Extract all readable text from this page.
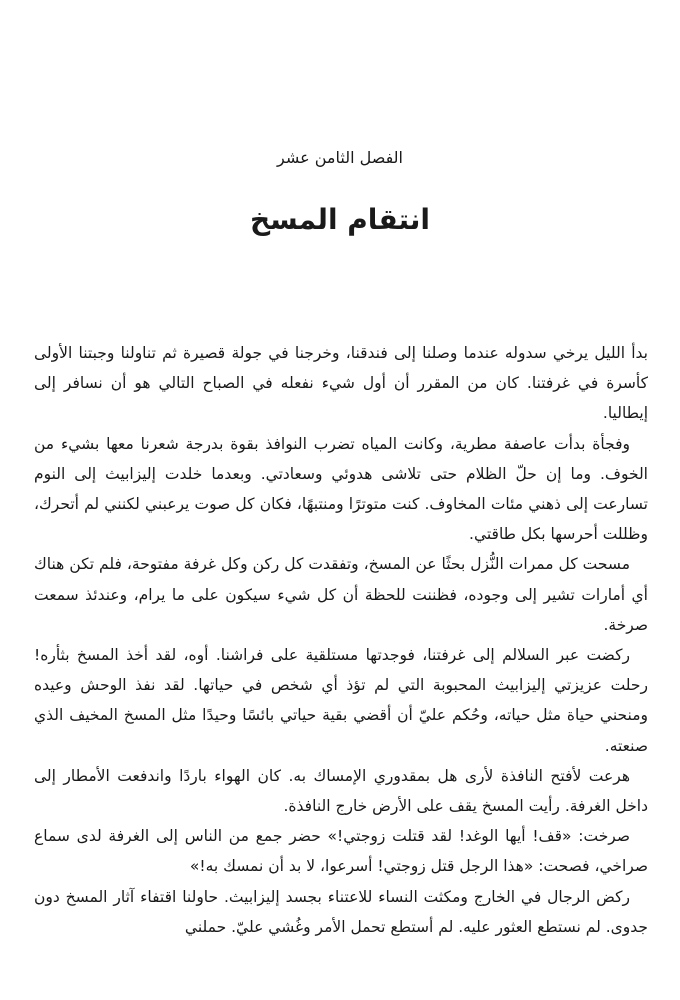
الفصل الثامن عشر
انتقام المسخ

بدأ الليل يرخي سدوله عندما وصلنا إلى فندقنا، وخرجنا في جولة قصيرة ثم تناولنا وجبتنا الأولى كأسرة في غرفتنا. كان من المقرر أن أول شيء نفعله في الصباح التالي هو أن نسافر إلى إيطاليا.

وفجأة بدأت عاصفة مطرية، وكانت المياه تضرب النوافذ بقوة بدرجة شعرنا معها بشيء من الخوف. وما إن حلّ الظلام حتى تلاشى هدوئي وسعادتي. وبعدما خلدت إليزابيث إلى النوم تسارعت إلى ذهني مئات المخاوف. كنت متوترًا ومنتبهًا، فكان كل صوت يرعبني لكنني لم أتحرك، وظللت أحرسها بكل طاقتي.

مسحت كل ممرات النُّزل بحثًا عن المسخ، وتفقدت كل ركن وكل غرفة مفتوحة، فلم تكن هناك أي أمارات تشير إلى وجوده، فظننت للحظة أن كل شيء سيكون على ما يرام، وعندئذ سمعت صرخة.

ركضت عبر السلالم إلى غرفتنا، فوجدتها مستلقية على فراشنا. أوه، لقد أخذ المسخ بثأره! رحلت عزيزتي إليزابيث المحبوبة التي لم تؤذ أي شخص في حياتها. لقد نفذ الوحش وعيده ومنحني حياة مثل حياته، وحُكم عليّ أن أقضي بقية حياتي بائسًا وحيدًا مثل المسخ المخيف الذي صنعته.

هرعت لأفتح النافذة لأرى هل بمقدوري الإمساك به. كان الهواء باردًا واندفعت الأمطار إلى داخل الغرفة. رأيت المسخ يقف على الأرض خارج النافذة.

صرخت: «قف! أيها الوغد! لقد قتلت زوجتي!» حضر جمع من الناس إلى الغرفة لدى سماع صراخي، فصحت: «هذا الرجل قتل زوجتي! أسرعوا، لا بد أن نمسك به!»

ركض الرجال في الخارج ومكثت النساء للاعتناء بجسد إليزابيث. حاولنا اقتفاء آثار المسخ دون جدوى. لم نستطع العثور عليه. لم أستطع تحمل الأمر وغُشي عليّ. حملني
